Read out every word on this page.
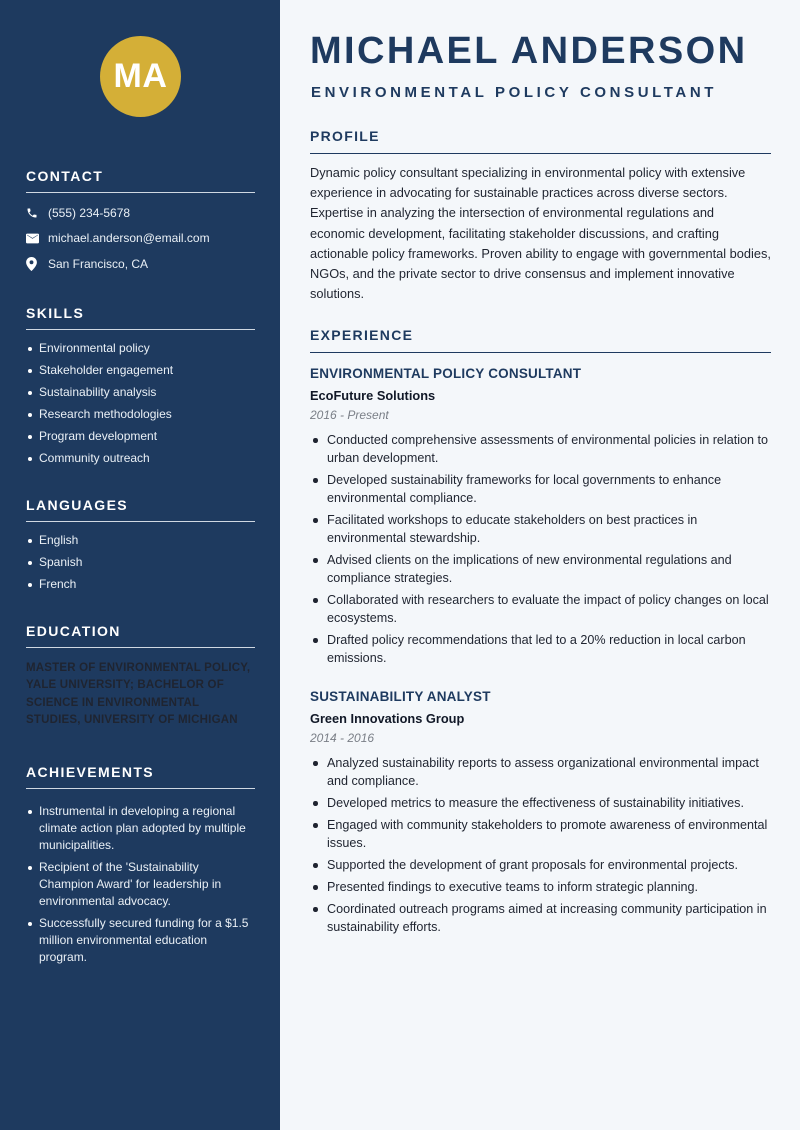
MA
CONTACT
(555) 234-5678
michael.anderson@email.com
San Francisco, CA
SKILLS
Environmental policy
Stakeholder engagement
Sustainability analysis
Research methodologies
Program development
Community outreach
LANGUAGES
English
Spanish
French
EDUCATION

MASTER OF ENVIRONMENTAL POLICY, YALE UNIVERSITY; BACHELOR OF SCIENCE IN ENVIRONMENTAL STUDIES, UNIVERSITY OF MICHIGAN

ACHIEVEMENTS
Instrumental in developing a regional climate action plan adopted by multiple municipalities.
Recipient of the 'Sustainability Champion Award' for leadership in environmental advocacy.
Successfully secured funding for a $1.5 million environmental education program.
MICHAEL ANDERSON
ENVIRONMENTAL POLICY CONSULTANT
PROFILE

Dynamic policy consultant specializing in environmental policy with extensive experience in advocating for sustainable practices across diverse sectors. Expertise in analyzing the intersection of environmental regulations and economic development, facilitating stakeholder discussions, and crafting actionable policy frameworks. Proven ability to engage with governmental bodies, NGOs, and the private sector to drive consensus and implement innovative solutions.

EXPERIENCE
ENVIRONMENTAL POLICY CONSULTANT
EcoFuture Solutions
2016 - Present
Conducted comprehensive assessments of environmental policies in relation to urban development.
Developed sustainability frameworks for local governments to enhance environmental compliance.
Facilitated workshops to educate stakeholders on best practices in environmental stewardship.
Advised clients on the implications of new environmental regulations and compliance strategies.
Collaborated with researchers to evaluate the impact of policy changes on local ecosystems.
Drafted policy recommendations that led to a 20% reduction in local carbon emissions.
SUSTAINABILITY ANALYST
Green Innovations Group
2014 - 2016
Analyzed sustainability reports to assess organizational environmental impact and compliance.
Developed metrics to measure the effectiveness of sustainability initiatives.
Engaged with community stakeholders to promote awareness of environmental issues.
Supported the development of grant proposals for environmental projects.
Presented findings to executive teams to inform strategic planning.
Coordinated outreach programs aimed at increasing community participation in sustainability efforts.
